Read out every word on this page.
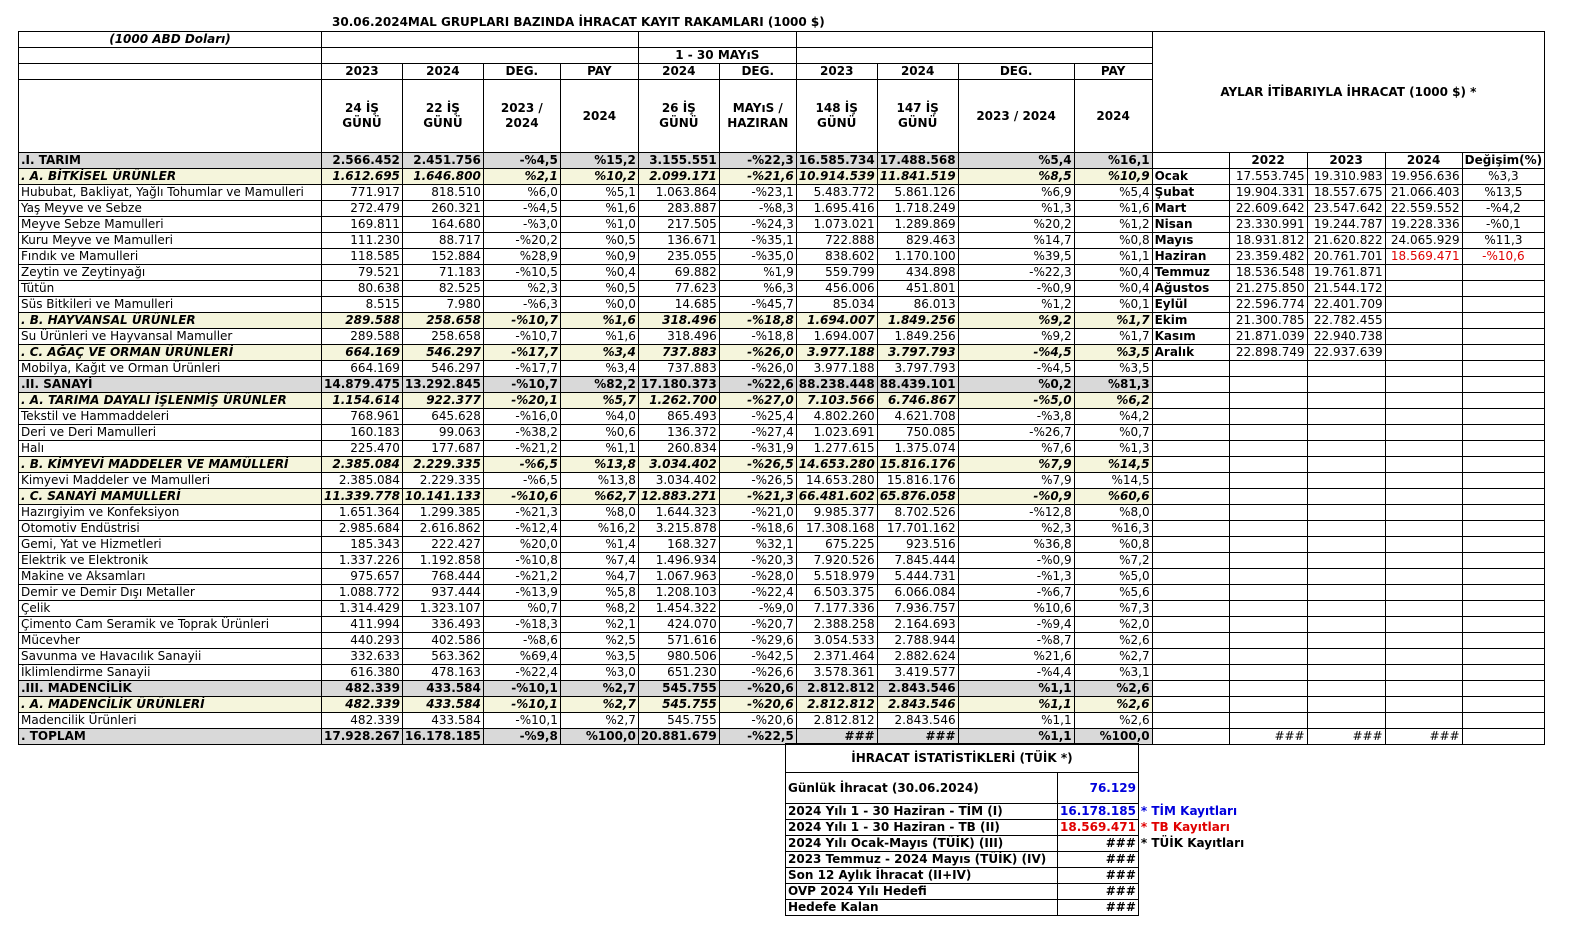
30.06.2024MAL GRUPLARI BAZINDA İHRACAT KAYIT RAKAMLARI (1000 $)
(1000 ABD Doları)											AYLAR İTİBARIYLA İHRACAT (1000 $) *				
					1 - 30 MAYıS										
	2023	2024	DEG.	PAY	2024	DEG.	2023	2024	DEG.	PAY					
	24 İŞ GÜNÜ	22 İŞ GÜNÜ	2023 / 2024	2024	26 İŞ GÜNÜ	MAYıS / HAZIRAN	148 İŞ GÜNÜ	147 İŞ GÜNÜ	2023 / 2024	2024					
.I. TARIM	2.566.452	2.451.756	-%4,5	%15,2	3.155.551	-%22,3	16.585.734	17.488.568	%5,4	%16,1		2022	2023	2024	Değişim(%)
. A. BİTKİSEL ÜRÜNLER	1.612.695	1.646.800	%2,1	%10,2	2.099.171	-%21,6	10.914.539	11.841.519	%8,5	%10,9	Ocak	17.553.745	19.310.983	19.956.636	%3,3
Hububat, Bakliyat, Yağlı Tohumlar ve Mamulleri	771.917	818.510	%6,0	%5,1	1.063.864	-%23,1	5.483.772	5.861.126	%6,9	%5,4	Şubat	19.904.331	18.557.675	21.066.403	%13,5
Yaş Meyve ve Sebze	272.479	260.321	-%4,5	%1,6	283.887	-%8,3	1.695.416	1.718.249	%1,3	%1,6	Mart	22.609.642	23.547.642	22.559.552	-%4,2
Meyve Sebze Mamulleri	169.811	164.680	-%3,0	%1,0	217.505	-%24,3	1.073.021	1.289.869	%20,2	%1,2	Nisan	23.330.991	19.244.787	19.228.336	-%0,1
Kuru Meyve ve Mamulleri	111.230	88.717	-%20,2	%0,5	136.671	-%35,1	722.888	829.463	%14,7	%0,8	Mayıs	18.931.812	21.620.822	24.065.929	%11,3
Fındık ve Mamulleri	118.585	152.884	%28,9	%0,9	235.055	-%35,0	838.602	1.170.100	%39,5	%1,1	Haziran	23.359.482	20.761.701	18.569.471	-%10,6
Zeytin ve Zeytinyağı	79.521	71.183	-%10,5	%0,4	69.882	%1,9	559.799	434.898	-%22,3	%0,4	Temmuz	18.536.548	19.761.871		
Tütün	80.638	82.525	%2,3	%0,5	77.623	%6,3	456.006	451.801	-%0,9	%0,4	Ağustos	21.275.850	21.544.172		
Süs Bitkileri ve Mamulleri	8.515	7.980	-%6,3	%0,0	14.685	-%45,7	85.034	86.013	%1,2	%0,1	Eylül	22.596.774	22.401.709		
. B. HAYVANSAL ÜRÜNLER	289.588	258.658	-%10,7	%1,6	318.496	-%18,8	1.694.007	1.849.256	%9,2	%1,7	Ekim	21.300.785	22.782.455		
Su Ürünleri ve Hayvansal Mamuller	289.588	258.658	-%10,7	%1,6	318.496	-%18,8	1.694.007	1.849.256	%9,2	%1,7	Kasım	21.871.039	22.940.738		
. C. AĞAÇ VE ORMAN ÜRÜNLERİ	664.169	546.297	-%17,7	%3,4	737.883	-%26,0	3.977.188	3.797.793	-%4,5	%3,5	Aralık	22.898.749	22.937.639		
Mobilya, Kağıt ve Orman Ürünleri	664.169	546.297	-%17,7	%3,4	737.883	-%26,0	3.977.188	3.797.793	-%4,5	%3,5					
.II. SANAYİ	14.879.475	13.292.845	-%10,7	%82,2	17.180.373	-%22,6	88.238.448	88.439.101	%0,2	%81,3					
. A. TARIMA DAYALI İŞLENMİŞ ÜRÜNLER	1.154.614	922.377	-%20,1	%5,7	1.262.700	-%27,0	7.103.566	6.746.867	-%5,0	%6,2					
Tekstil ve Hammaddeleri	768.961	645.628	-%16,0	%4,0	865.493	-%25,4	4.802.260	4.621.708	-%3,8	%4,2					
Deri ve Deri Mamulleri	160.183	99.063	-%38,2	%0,6	136.372	-%27,4	1.023.691	750.085	-%26,7	%0,7					
Halı	225.470	177.687	-%21,2	%1,1	260.834	-%31,9	1.277.615	1.375.074	%7,6	%1,3					
. B. KİMYEVİ MADDELER VE MAMÜLLERİ	2.385.084	2.229.335	-%6,5	%13,8	3.034.402	-%26,5	14.653.280	15.816.176	%7,9	%14,5					
Kimyevi Maddeler ve Mamulleri	2.385.084	2.229.335	-%6,5	%13,8	3.034.402	-%26,5	14.653.280	15.816.176	%7,9	%14,5					
. C. SANAYİ MAMULLERİ	11.339.778	10.141.133	-%10,6	%62,7	12.883.271	-%21,3	66.481.602	65.876.058	-%0,9	%60,6					
Hazırgiyim ve Konfeksiyon	1.651.364	1.299.385	-%21,3	%8,0	1.644.323	-%21,0	9.985.377	8.702.526	-%12,8	%8,0					
Otomotiv Endüstrisi	2.985.684	2.616.862	-%12,4	%16,2	3.215.878	-%18,6	17.308.168	17.701.162	%2,3	%16,3					
Gemi, Yat ve Hizmetleri	185.343	222.427	%20,0	%1,4	168.327	%32,1	675.225	923.516	%36,8	%0,8					
Elektrik ve Elektronik	1.337.226	1.192.858	-%10,8	%7,4	1.496.934	-%20,3	7.920.526	7.845.444	-%0,9	%7,2					
Makine ve Aksamları	975.657	768.444	-%21,2	%4,7	1.067.963	-%28,0	5.518.979	5.444.731	-%1,3	%5,0					
Demir ve Demir Dışı Metaller	1.088.772	937.444	-%13,9	%5,8	1.208.103	-%22,4	6.503.375	6.066.084	-%6,7	%5,6					
Çelik	1.314.429	1.323.107	%0,7	%8,2	1.454.322	-%9,0	7.177.336	7.936.757	%10,6	%7,3					
Çimento Cam Seramik ve Toprak Ürünleri	411.994	336.493	-%18,3	%2,1	424.070	-%20,7	2.388.258	2.164.693	-%9,4	%2,0					
Mücevher	440.293	402.586	-%8,6	%2,5	571.616	-%29,6	3.054.533	2.788.944	-%8,7	%2,6					
Savunma ve Havacılık Sanayii	332.633	563.362	%69,4	%3,5	980.506	-%42,5	2.371.464	2.882.624	%21,6	%2,7					
İklimlendirme Sanayii	616.380	478.163	-%22,4	%3,0	651.230	-%26,6	3.578.361	3.419.577	-%4,4	%3,1					
.III. MADENCİLİK	482.339	433.584	-%10,1	%2,7	545.755	-%20,6	2.812.812	2.843.546	%1,1	%2,6					
. A. MADENCİLİK ÜRÜNLERİ	482.339	433.584	-%10,1	%2,7	545.755	-%20,6	2.812.812	2.843.546	%1,1	%2,6					
Madencilik Ürünleri	482.339	433.584	-%10,1	%2,7	545.755	-%20,6	2.812.812	2.843.546	%1,1	%2,6					
. TOPLAM	17.928.267	16.178.185	-%9,8	%100,0	20.881.679	-%22,5	###	###	%1,1	%100,0		###	###	###	
İHRACAT İSTATİSTİKLERİ (TÜİK *)		
Günlük İhracat (30.06.2024)	76.129	
2024 Yılı 1 - 30 Haziran - TİM (I)	16.178.185	* TİM Kayıtları
2024 Yılı 1 - 30 Haziran - TB (II)	18.569.471	* TB Kayıtları
2024 Yılı Ocak-Mayıs (TÜİK) (III)	###	* TÜİK Kayıtları
2023 Temmuz - 2024 Mayıs (TÜİK) (IV)	###	
Son 12 Aylık İhracat (II+IV)	###	
OVP 2024 Yılı Hedefi	###	
Hedefe Kalan	###	
